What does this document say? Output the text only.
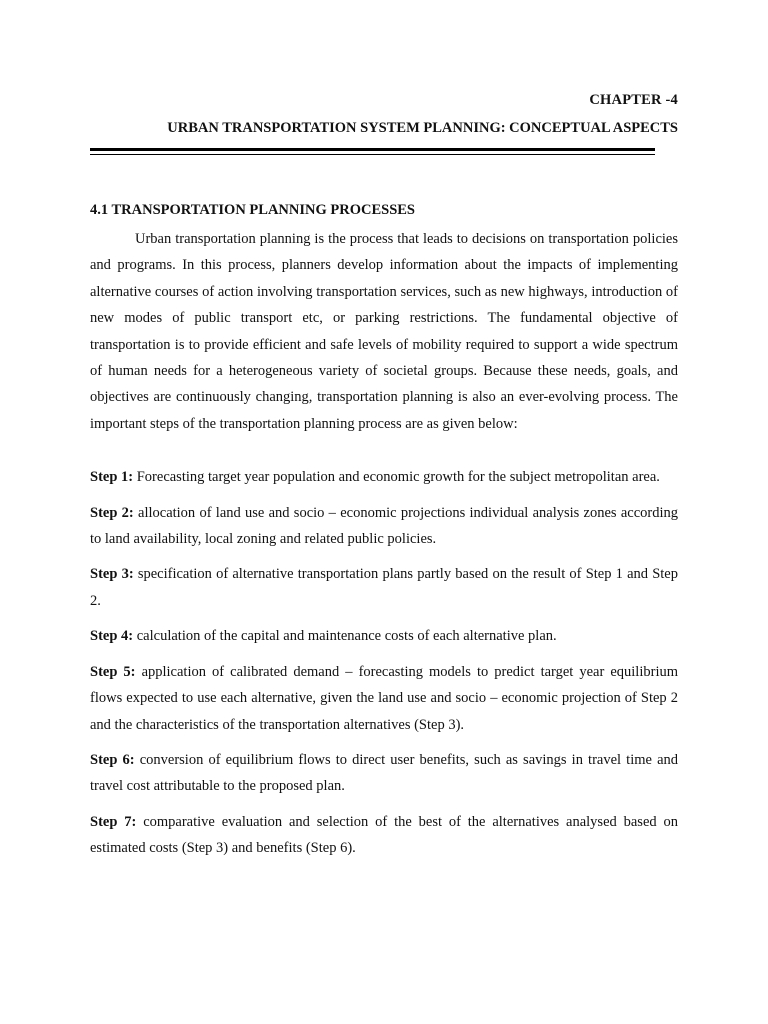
CHAPTER -4
URBAN TRANSPORTATION SYSTEM PLANNING: CONCEPTUAL ASPECTS
4.1 TRANSPORTATION PLANNING PROCESSES

Urban transportation planning is the process that leads to decisions on transportation policies and programs. In this process, planners develop information about the impacts of implementing alternative courses of action involving transportation services, such as new highways, introduction of new modes of public transport etc, or parking restrictions. The fundamental objective of transportation is to provide efficient and safe levels of mobility required to support a wide spectrum of human needs for a heterogeneous variety of societal groups. Because these needs, goals, and objectives are continuously changing, transportation planning is also an ever-evolving process. The important steps of the transportation planning process are as given below:

Step 1: Forecasting target year population and economic growth for the subject metropolitan area.

Step 2: allocation of land use and socio – economic projections individual analysis zones according to land availability, local zoning and related public policies.

Step 3: specification of alternative transportation plans partly based on the result of Step 1 and Step 2.

Step 4: calculation of the capital and maintenance costs of each alternative plan.

Step 5: application of calibrated demand – forecasting models to predict target year equilibrium flows expected to use each alternative, given the land use and socio – economic projection of Step 2 and the characteristics of the transportation alternatives (Step 3).

Step 6: conversion of equilibrium flows to direct user benefits, such as savings in travel time and travel cost attributable to the proposed plan.

Step 7: comparative evaluation and selection of the best of the alternatives analysed based on estimated costs (Step 3) and benefits (Step 6).
